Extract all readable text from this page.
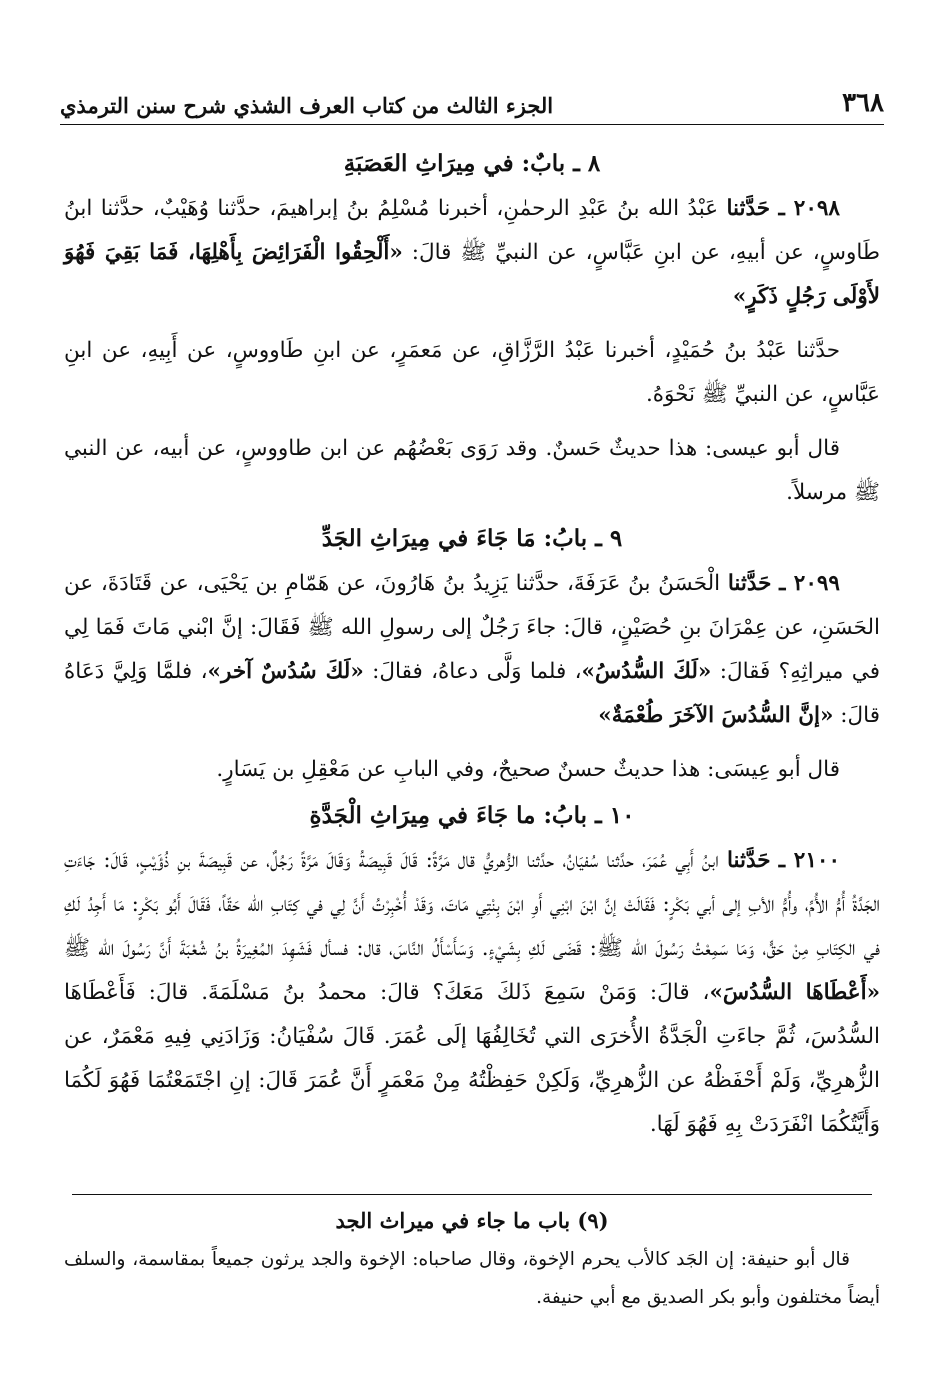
٣٦٨
الجزء الثالث من كتاب العرف الشذي شرح سنن الترمذي
٨ ـ بابٌ: في مِيرَاثِ العَصَبَةِ

٢٠٩٨ ـ حَدَّثنا عَبْدُ الله بنُ عَبْدِ الرحمٰنِ، أخبرنا مُسْلِمُ بنُ إبراهيمَ، حدَّثنا وُهَيْبٌ، حدَّثنا ابنُ طَاوسٍ، عن أبيهِ، عن ابنِ عَبَّاسٍ، عن النبيِّ ﷺ قالَ: «أَلْحِقُوا الْفَرَائِضَ بِأَهْلِهَا، فَمَا بَقِيَ فَهُوَ لأَوْلَى رَجُلٍ ذَكَرٍ»

حدَّثنا عَبْدُ بنُ حُمَيْدٍ، أخبرنا عَبْدُ الرَّزَّاقِ، عن مَعمَرٍ، عن ابنِ طَاووسٍ، عن أَبِيهِ، عن ابنِ عَبَّاسٍ، عن النبيِّ ﷺ نَحْوَهُ.

قال أبو عيسى: هذا حديثٌ حَسنٌ. وقد رَوَى بَعْضُهُم عن ابن طاووسٍ، عن أبيه، عن النبي ﷺ مرسلاً.

٩ ـ بابُ: مَا جَاءَ في مِيرَاثِ الجَدِّ

٢٠٩٩ ـ حَدَّثنا الْحَسَنُ بنُ عَرَفَةَ، حدَّثنا يَزِيدُ بنُ هَارُونَ، عن هَمّامِ بن يَحْيَى، عن قَتَادَةَ، عن الحَسَنِ، عن عِمْرَانَ بنِ حُصَيْنٍ، قالَ: جاءَ رَجُلٌ إلى رسولِ الله ﷺ فَقَالَ: إنَّ ابْني مَاتَ فَمَا لِي في ميراثِهِ؟ فَقالَ: «لَكَ السُّدُسُ»، فلما وَلَّى دعاهُ، فقالَ: «لَكَ سُدُسٌ آخر»، فلمَّا وَلِيَّ دَعَاهُ قالَ: «إنَّ السُّدُسَ الآخَرَ طُعْمَةٌ»

قال أبو عِيسَى: هذا حديثٌ حسنٌ صحيحٌ، وفي البابِ عن مَعْقِلِ بن يَسَارٍ.

١٠ ـ بابُ: ما جَاءَ في مِيرَاثِ الْجَدَّةِ

٢١٠٠ ـ حَدَّثنا ابنُ أَبِي عُمَرَ، حدَّثنا سُفيَانُ، حدَّثنا الزُّهريُّ قال مَرَّةً: قَالَ قَبِيصَةُ وَقَالَ مَرَّةً رَجُلٌ، عن قَبِيصَةَ بنِ ذُؤَيْبٍ، قَالَ: جَاءَتِ الجَدَّةُ أُمُّ الأُمِّ، وأُمُّ الأبِ إلى أبي بَكْرٍ: فَقَالَتْ إنَّ ابْنَ ابْنِي أَوِ ابْنَ بِنْتِي مَاتَ، وَقَدْ أُخْبِرْتُ أَنَّ لِي في كِتَابِ الله حَقّاً، فَقَالَ أَبُو بَكْرٍ: مَا أَجِدُ لَكِ في الكِتَابِ مِنْ حَقٍّ، وَمَا سَمِعْتُ رَسُولَ الله ﷺ: قَضَى لَكِ بِشَيْءٍ. وَسَأَسْأَلُ النَّاسَ، قال: فسأل فَشَهِدَ المُغِيرَةُ بنُ شُعْبَةَ أَنَّ رَسُولَ الله ﷺ «أَعْطَاهَا السُّدُسَ»، قالَ: وَمَنْ سَمِعَ ذَلكَ مَعَكَ؟ قالَ: محمدُ بنُ مَسْلَمَةَ. قالَ: فَأَعْطَاهَا السُّدُسَ، ثُمَّ جاءَتِ الْجَدَّةُ الأُخرَى التي تُخَالِفُهَا إلَى عُمَرَ. قَالَ سُفْيَانُ: وَزَادَنِي فِيهِ مَعْمَرٌ، عن الزُّهرِيِّ، وَلَمْ أَحْفَظْهُ عن الزُّهرِيِّ، وَلَكِنْ حَفِظْتُهُ مِنْ مَعْمَرٍ أَنَّ عُمَرَ قَالَ: إنِ اجْتَمَعْتُمَا فَهُوَ لَكُمَا وَأَيَّتُكُمَا انْفَرَدَتْ بِهِ فَهُوَ لَهَا.

(٩) باب ما جاء في ميراث الجد

قال أبو حنيفة: إن الجَد كالأب يحرم الإخوة، وقال صاحباه: الإخوة والجد يرثون جميعاً بمقاسمة، والسلف أيضاً مختلفون وأبو بكر الصديق مع أبي حنيفة.
